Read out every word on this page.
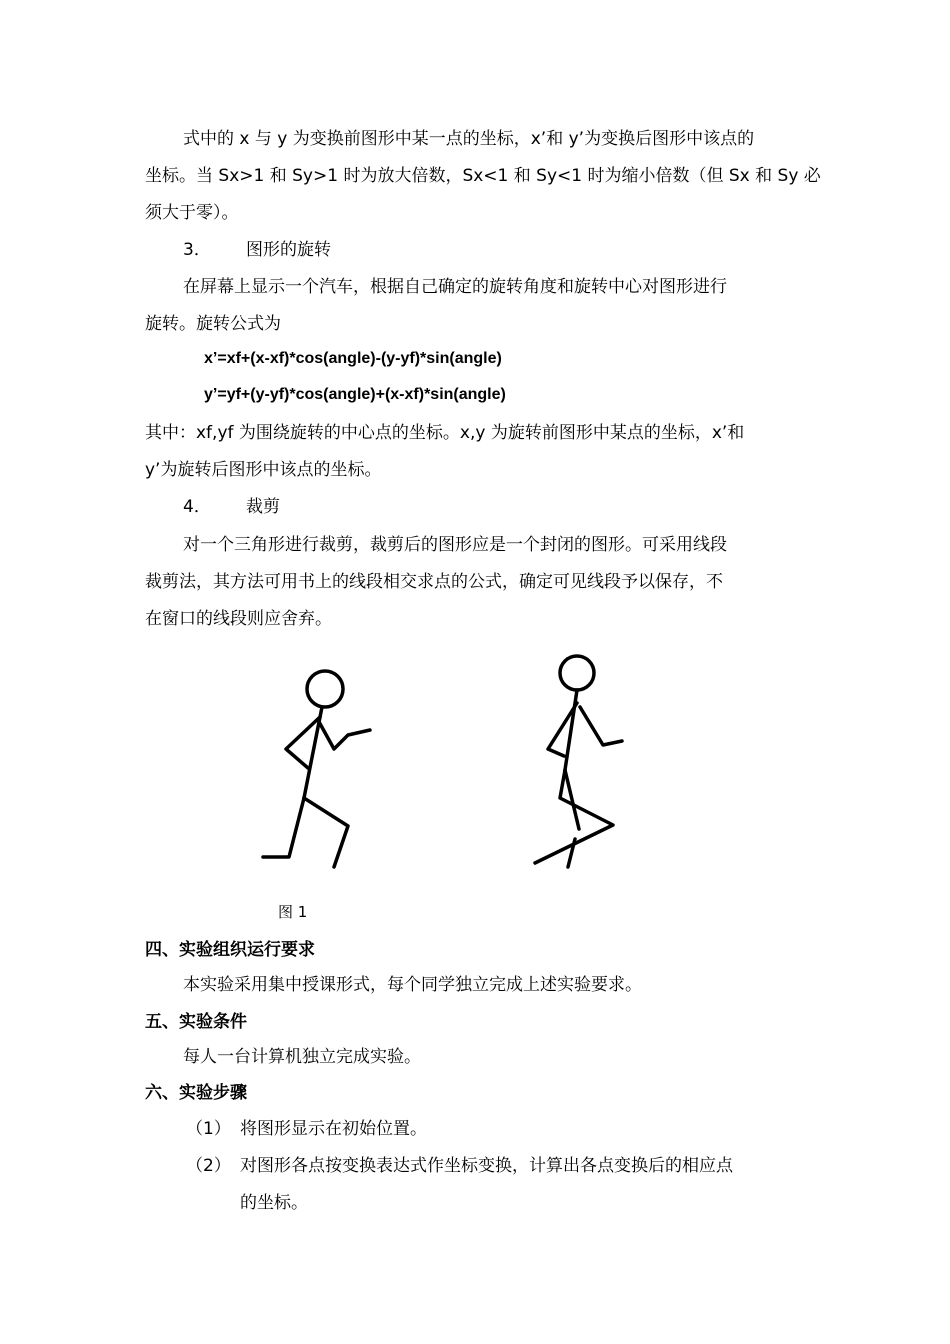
式中的 x 与 y 为变换前图形中某一点的坐标，x’和 y’为变换后图形中该点的
坐标。当 Sx>1 和 Sy>1 时为放大倍数，Sx<1 和 Sy<1 时为缩小倍数（但 Sx 和 Sy 必
须大于零）。
3． 图形的旋转
在屏幕上显示一个汽车，根据自己确定的旋转角度和旋转中心对图形进行
旋转。旋转公式为
x’=xf+(x-xf)*cos(angle)-(y-yf)*sin(angle)
y’=yf+(y-yf)*cos(angle)+(x-xf)*sin(angle)
其中：xf,yf 为围绕旋转的中心点的坐标。x,y 为旋转前图形中某点的坐标，x’和
y’为旋转后图形中该点的坐标。
4． 裁剪
对一个三角形进行裁剪，裁剪后的图形应是一个封闭的图形。可采用线段
裁剪法，其方法可用书上的线段相交求点的公式，确定可见线段予以保存，不
在窗口的线段则应舍弃。
图 1
四、实验组织运行要求
本实验采用集中授课形式，每个同学独立完成上述实验要求。
五、实验条件
每人一台计算机独立完成实验。
六、实验步骤
（1） 将图形显示在初始位置。
（2） 对图形各点按变换表达式作坐标变换，计算出各点变换后的相应点
的坐标。
